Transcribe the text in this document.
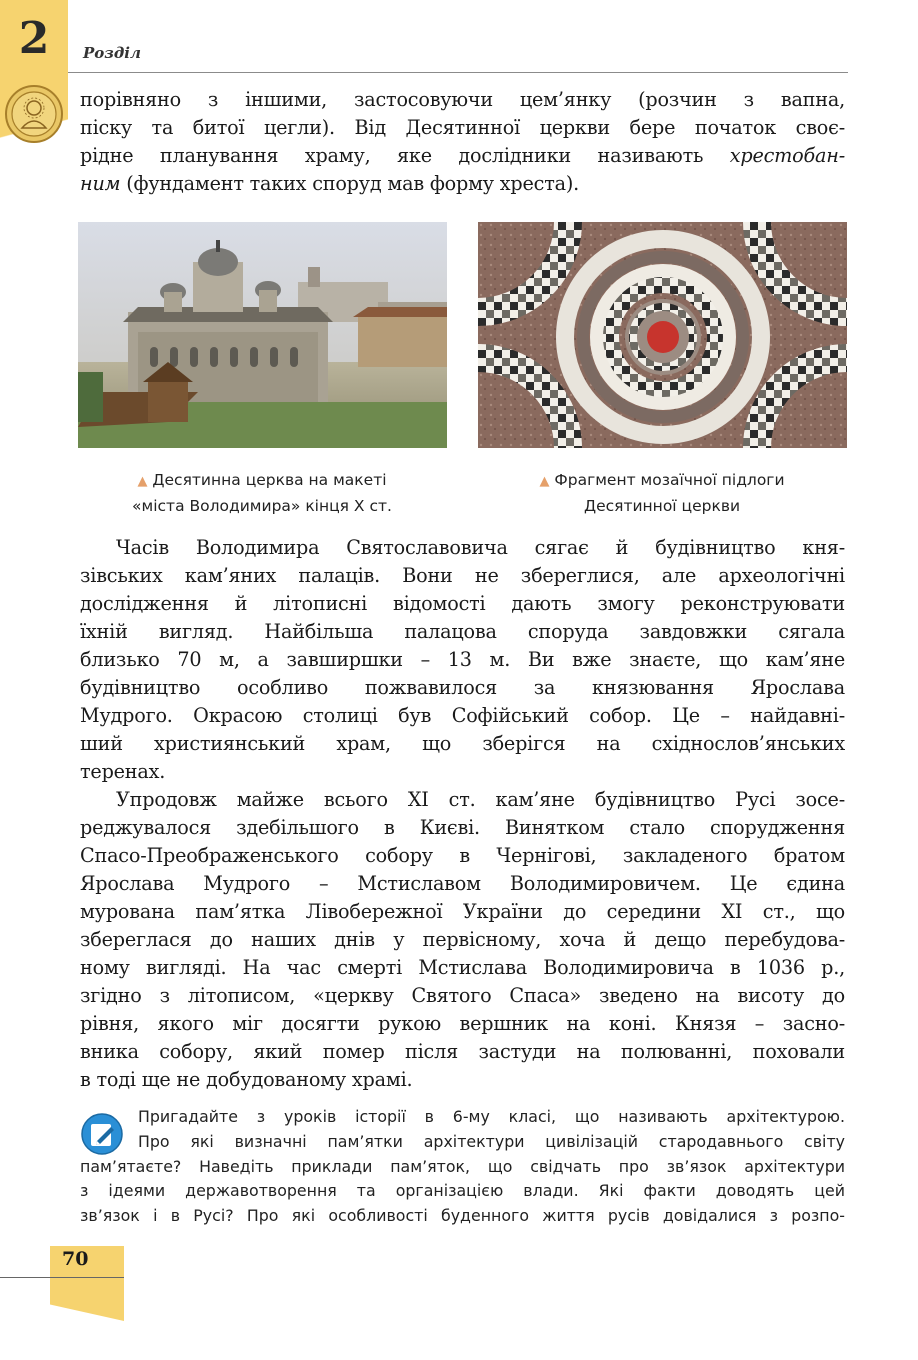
2	Розділ
порівняно з іншими, застосовуючи цем’янку (розчин з вапна,
піску та битої цегли). Від Десятинної церкви бере початок своє-
рідне планування храму, яке дослідники називають хрестобан-
ним (фундамент таких споруд мав форму хреста).
▲ Десятинна церква на макеті
«міста Володимира» кінця X ст.
▲ Фрагмент мозаїчної підлоги
Десятинної церкви
Часів Володимира Святославовича сягає й будівництво кня-
зівських кам’яних палаців. Вони не збереглися, але археологічні
дослідження й літописні відомості дають змогу реконструювати
їхній вигляд. Найбільша палацова споруда завдовжки сягала
близько 70 м, а завширшки – 13 м. Ви вже знаєте, що кам’яне
будівництво особливо пожвавилося за князювання Ярослава
Мудрого. Окрасою столиці був Софійський собор. Це – найдавні-
ший християнський храм, що зберігся на східнослов’янських
теренах.
Упродовж майже всього XI ст. кам’яне будівництво Русі зосе-
реджувалося здебільшого в Києві. Винятком стало спорудження
Спасо-Преображенського собору в Чернігові, закладеного братом
Ярослава Мудрого – Мстиславом Володимировичем. Це єдина
мурована пам’ятка Лівобережної України до середини XI ст., що
збереглася до наших днів у первісному, хоча й дещо перебудова-
ному вигляді. На час смерті Мстислава Володимировича в 1036 р.,
згідно з літописом, «церкву Святого Спаса» зведено на висоту до
рівня, якого міг досягти рукою вершник на коні. Князя – засно-
вника собору, який помер після застуди на полюванні, поховали
в тоді ще не добудованому храмі.
Пригадайте з уроків історії в 6-му класі, що називають архітектурою.
Про які визначні пам’ятки архітектури цивілізацій стародавнього світу
пам’ятаєте? Наведіть приклади пам’яток, що свідчать про зв’язок архітектури
з ідеями державотворення та організацією влади. Які факти доводять цей
зв’язок і в Русі? Про які особливості буденного життя русів довідалися з розпо-
70
